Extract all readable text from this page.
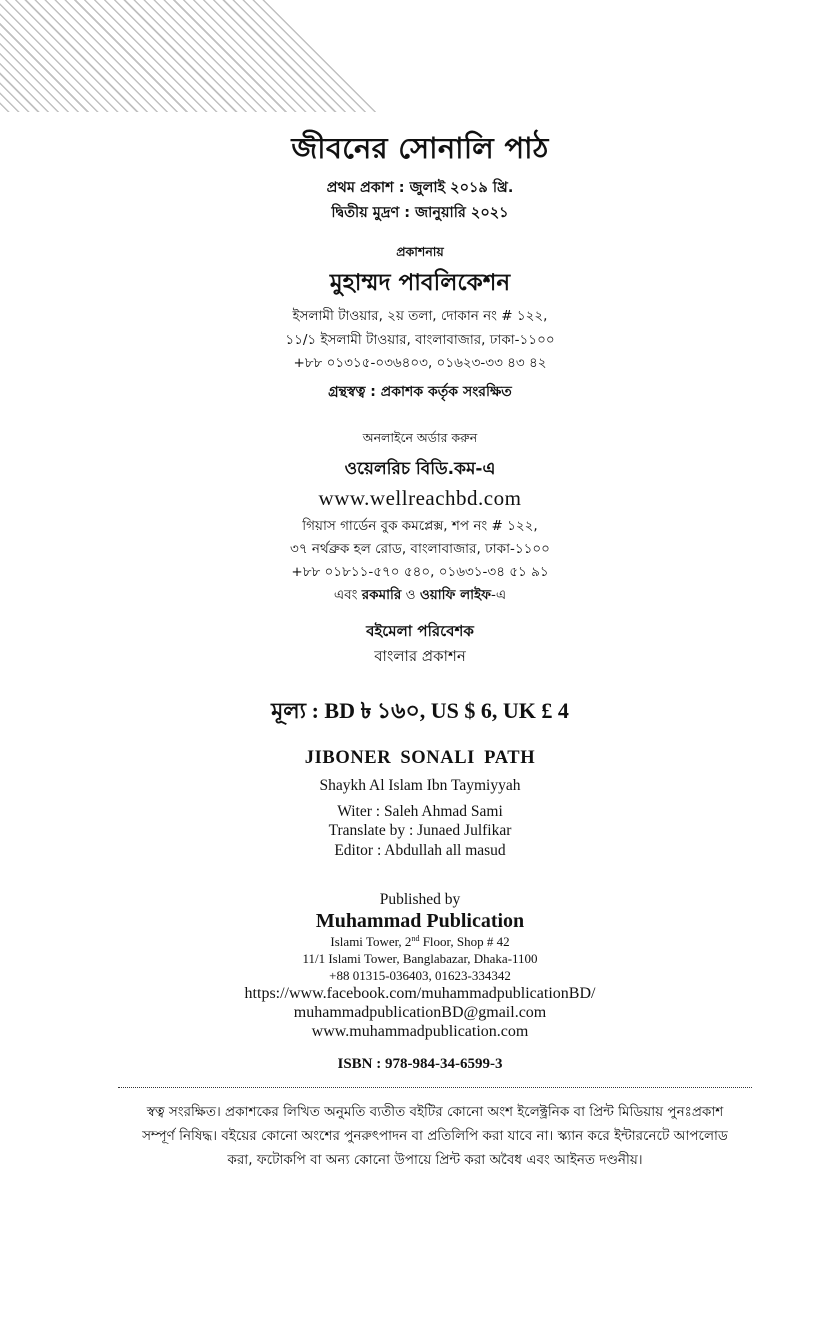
জীবনের সোনালি পাঠ
প্রথম প্রকাশ : জুলাই ২০১৯ খ্রি.
দ্বিতীয় মুদ্রণ : জানুয়ারি ২০২১
প্রকাশনায়
মুহাম্মদ পাবলিকেশন
ইসলামী টাওয়ার, ২য় তলা, দোকান নং # ১২২,
১১/১ ইসলামী টাওয়ার, বাংলাবাজার, ঢাকা-১১০০
+৮৮ ০১৩১৫-০৩৬৪০৩, ০১৬২৩-৩৩ ৪৩ ৪২
গ্রন্থস্বত্ব : প্রকাশক কর্তৃক সংরক্ষিত
অনলাইনে অর্ডার করুন
ওয়েলরিচ বিডি.কম-এ
www.wellreachbd.com
গিয়াস গার্ডেন বুক কমপ্লেক্স, শপ নং # ১২২,
৩৭ নর্থব্রুক হল রোড, বাংলাবাজার, ঢাকা-১১০০
+৮৮ ০১৮১১-৫৭০ ৫৪০, ০১৬৩১-৩৪ ৫১ ৯১
এবং রকমারি ও ওয়াফি লাইফ-এ
বইমেলা পরিবেশক
বাংলার প্রকাশন
মূল্য : BD ৳ ১৬০, US $ 6, UK £ 4
JIBONER SONALI PATH
Shaykh Al Islam Ibn Taymiyyah
Witer : Saleh Ahmad Sami
Translate by : Junaed Julfikar
Editor : Abdullah all masud
Published by
Muhammad Publication
Islami Tower, 2nd Floor, Shop # 42
11/1 Islami Tower, Banglabazar, Dhaka-1100
+88 01315-036403, 01623-334342
https://www.facebook.com/muhammadpublicationBD/
muhammadpublicationBD@gmail.com
www.muhammadpublication.com
ISBN : 978-984-34-6599-3
স্বত্ব সংরক্ষিত। প্রকাশকের লিখিত অনুমতি ব্যতীত বইটির কোনো অংশ ইলেক্ট্রনিক বা প্রিন্ট মিডিয়ায় পুনঃপ্রকাশ
সম্পূর্ণ নিষিদ্ধ। বইয়ের কোনো অংশের পুনরুৎপাদন বা প্রতিলিপি করা যাবে না। স্ক্যান করে ইন্টারনেটে আপলোড
করা, ফটোকপি বা অন্য কোনো উপায়ে প্রিন্ট করা অবৈধ এবং আইনত দণ্ডনীয়।
